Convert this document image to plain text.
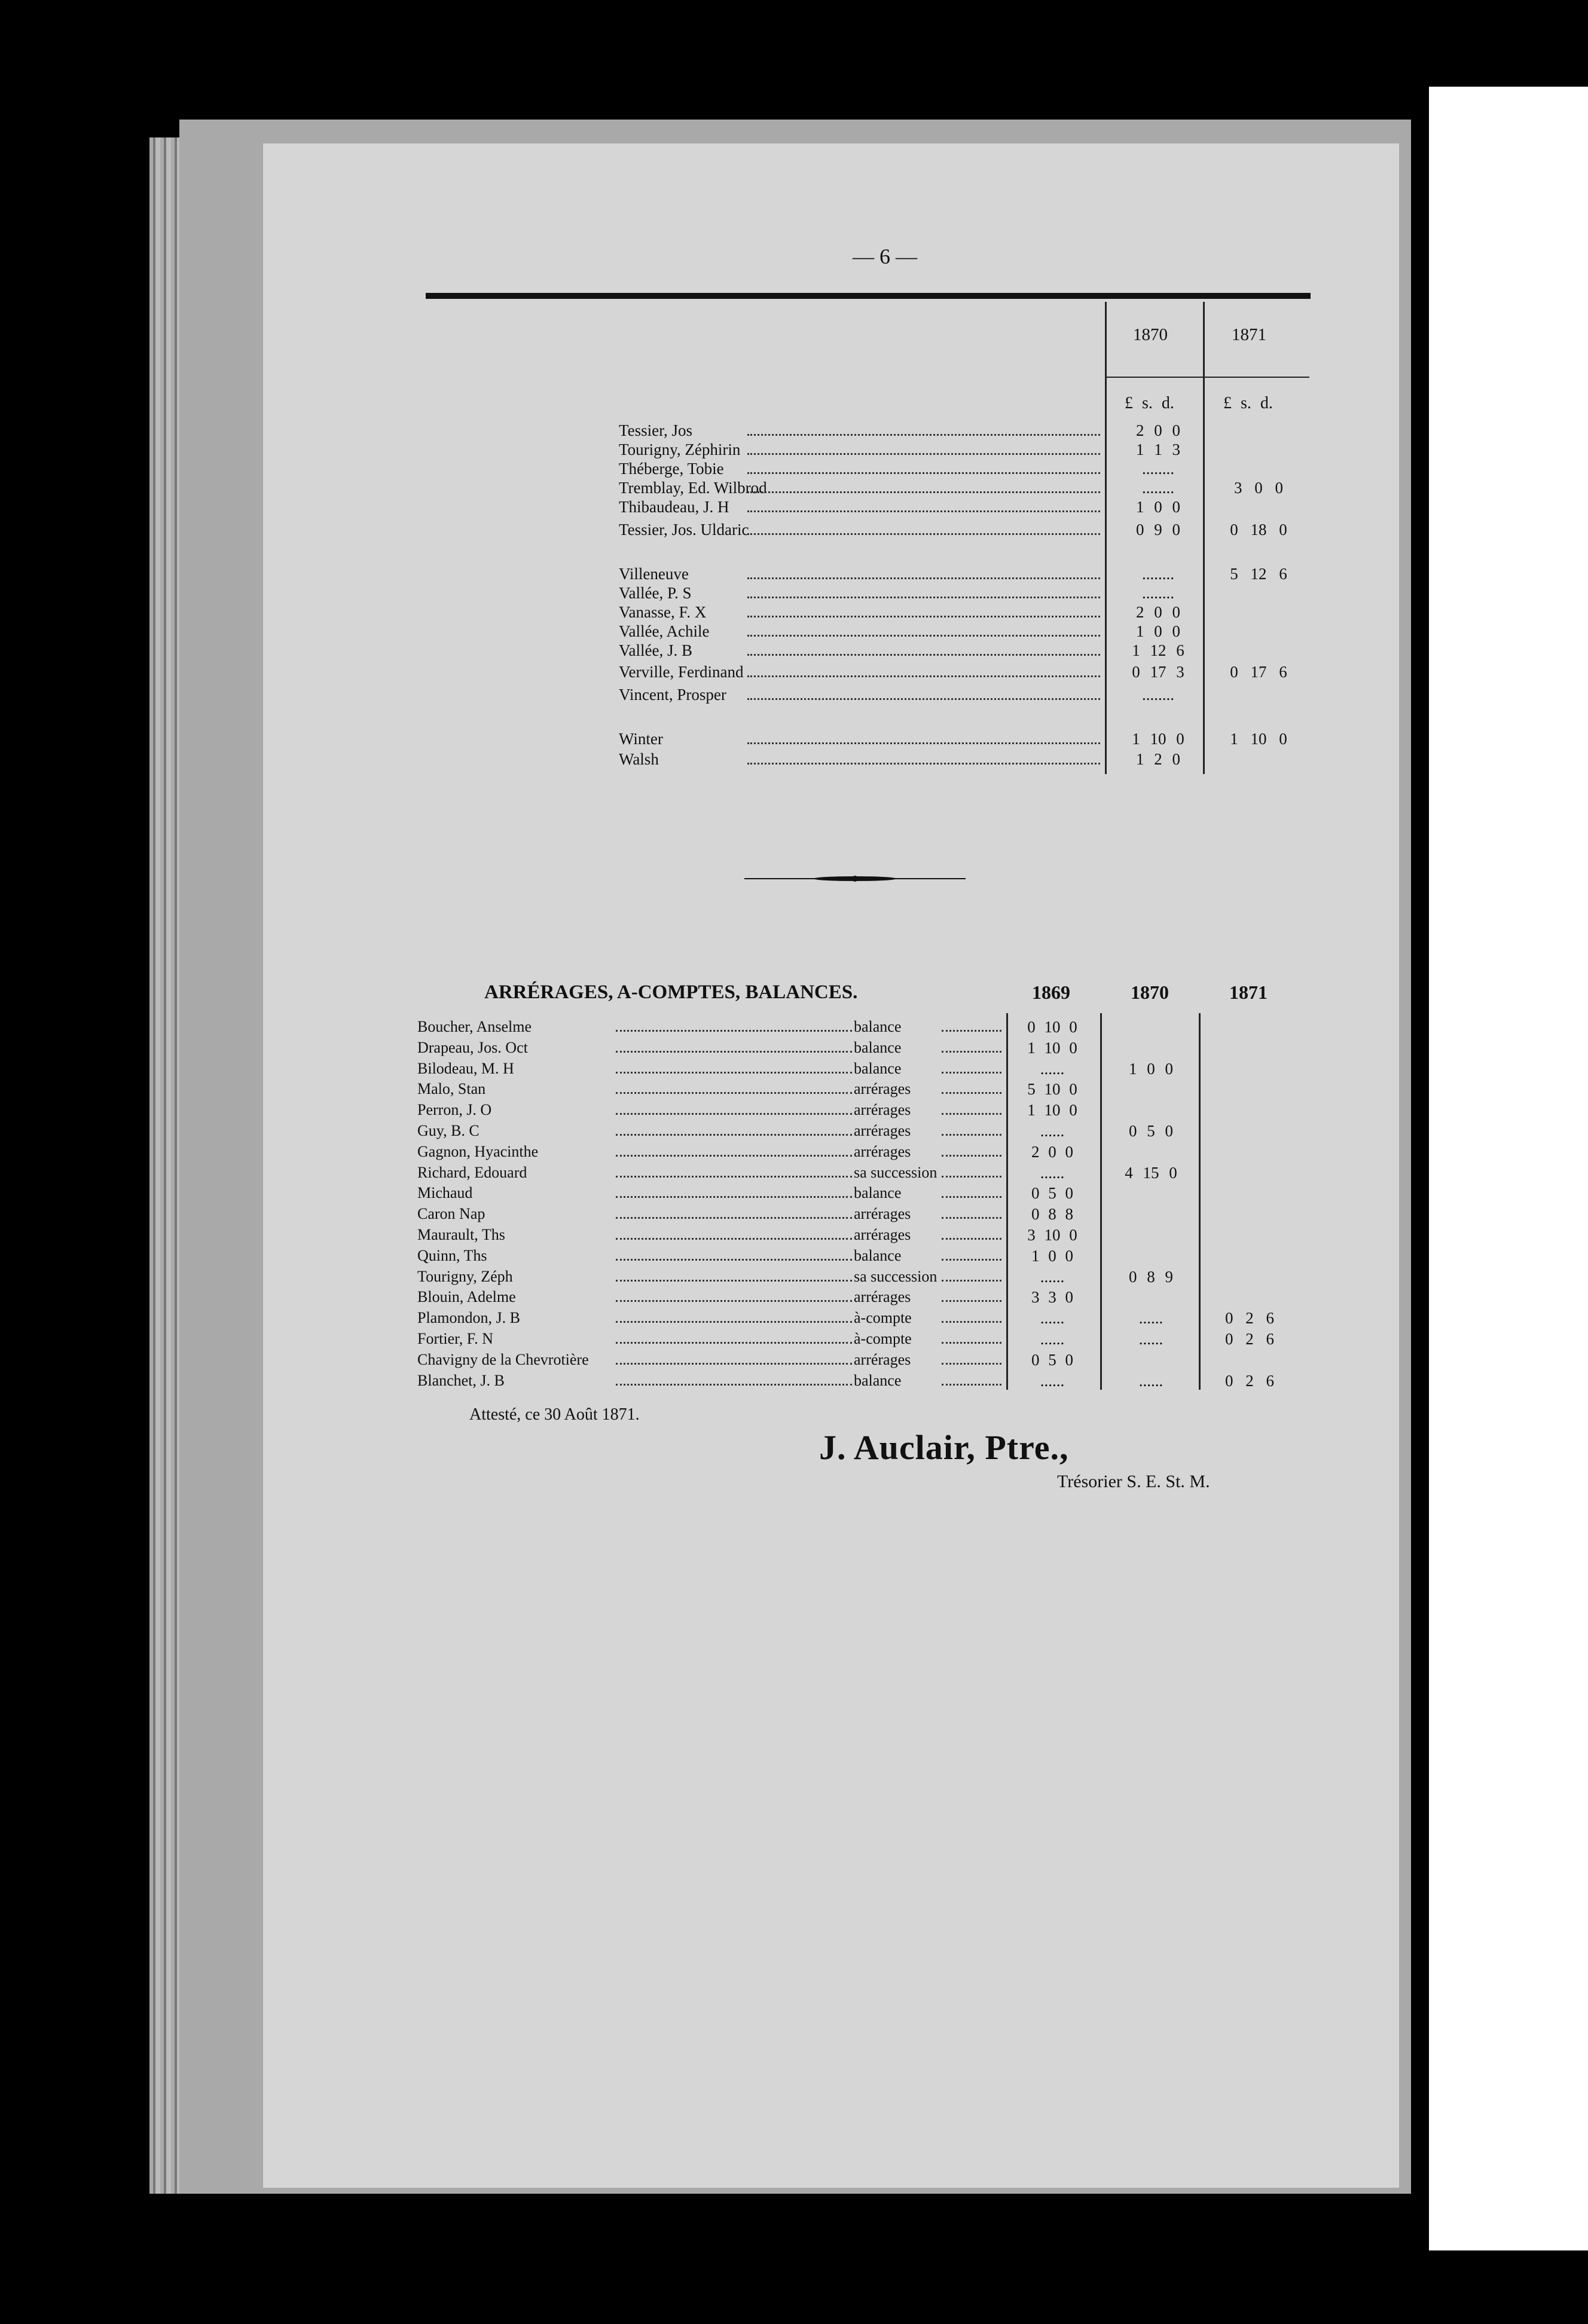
— 6 —
1870	1871
£ s. d.	£ s. d.
Tessier, Jos	2 0 0
Tourigny, Zéphirin	1 1 3
Théberge, Tobie	........
Tremblay, Ed. Wilbrod	........	3 0 0
Thibaudeau, J. H	1 0 0
Tessier, Jos. Uldaric	0 9 0	0 18 0
Villeneuve	........	5 12 6
Vallée, P. S	........
Vanasse, F. X	2 0 0
Vallée, Achile	1 0 0
Vallée, J. B	1 12 6
Verville, Ferdinand	0 17 3	0 17 6
Vincent, Prosper	........
Winter	1 10 0	1 10 0
Walsh	1 2 0
ARRÉRAGES, A-COMPTES, BALANCES.	1869	1870	1871
Boucher, Anselme	balance	0 10 0
Drapeau, Jos. Oct	balance	1 10 0
Bilodeau, M. H	balance	......	1 0 0
Malo, Stan	arrérages	5 10 0
Perron, J. O	arrérages	1 10 0
Guy, B. C	arrérages	......	0 5 0
Gagnon, Hyacinthe	arrérages	2 0 0
Richard, Edouard	sa succession	......	4 15 0
Michaud	balance	0 5 0
Caron Nap	arrérages	0 8 8
Maurault, Ths	arrérages	3 10 0
Quinn, Ths	balance	1 0 0
Tourigny, Zéph	sa succession	......	0 8 9
Blouin, Adelme	arrérages	3 3 0
Plamondon, J. B	à-compte	......	......	0 2 6
Fortier, F. N	à-compte	......	......	0 2 6
Chavigny de la Chevrotière	arrérages	0 5 0
Blanchet, J. B	balance	......	......	0 2 6
Attesté, ce 30 Août 1871.
J. Auclair, Ptre.,
Trésorier S. E. St. M.
